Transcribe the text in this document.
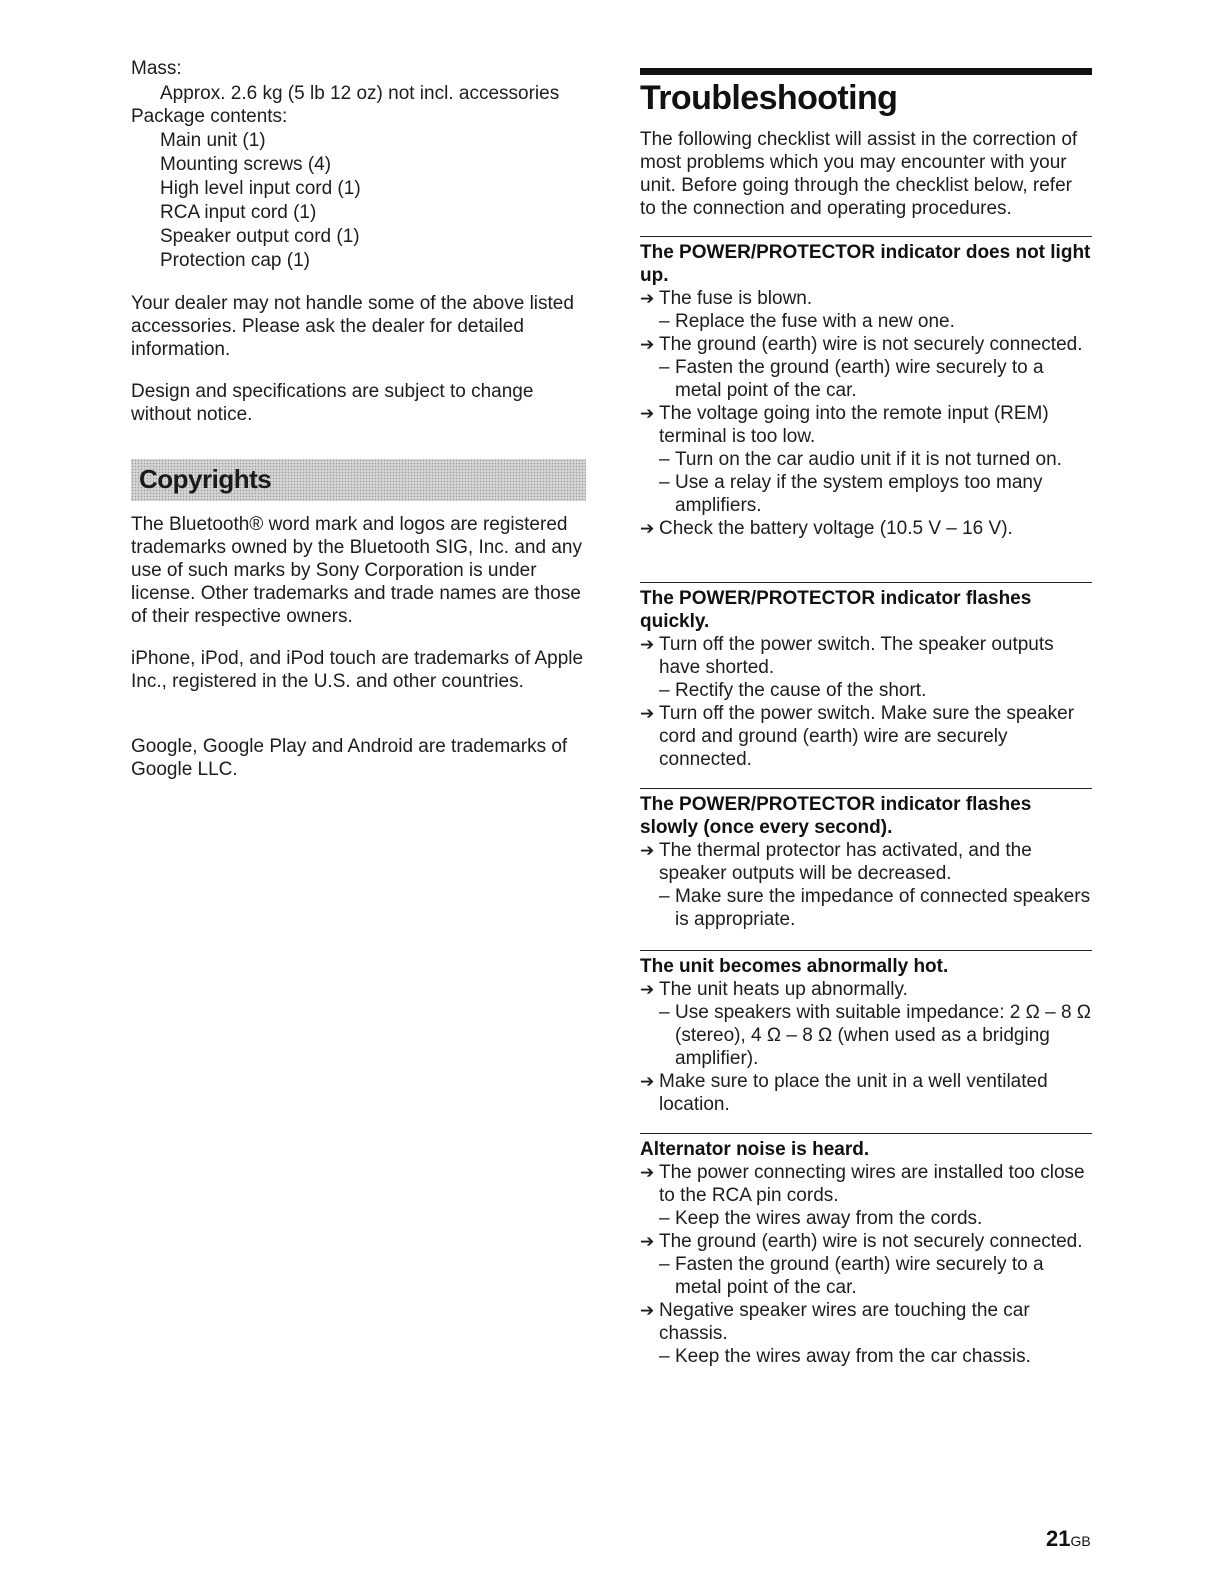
Mass:
Approx. 2.6 kg (5 lb 12 oz) not incl. accessories
Package contents:
Main unit (1)
Mounting screws (4)
High level input cord (1)
RCA input cord (1)
Speaker output cord (1)
Protection cap (1)

Your dealer may not handle some of the above listed accessories. Please ask the dealer for detailed information.

Design and specifications are subject to change without notice.

Copyrights

The Bluetooth® word mark and logos are registered trademarks owned by the Bluetooth SIG, Inc. and any use of such marks by Sony Corporation is under license. Other trademarks and trade names are those of their respective owners.

iPhone, iPod, and iPod touch are trademarks of Apple Inc., registered in the U.S. and other countries.

Google, Google Play and Android are trademarks of Google LLC.

Troubleshooting

The following checklist will assist in the correction of most problems which you may encounter with your unit. Before going through the checklist below, refer to the connection and operating procedures.

The POWER/PROTECTOR indicator does not light up.

➔ The fuse is blown.
– Replace the fuse with a new one.
➔ The ground (earth) wire is not securely connected.
– Fasten the ground (earth) wire securely to a metal point of the car.
➔ The voltage going into the remote input (REM) terminal is too low.
– Turn on the car audio unit if it is not turned on.
– Use a relay if the system employs too many amplifiers.
➔ Check the battery voltage (10.5 V – 16 V).

The POWER/PROTECTOR indicator flashes quickly.

➔ Turn off the power switch. The speaker outputs have shorted.
– Rectify the cause of the short.
➔ Turn off the power switch. Make sure the speaker cord and ground (earth) wire are securely connected.

The POWER/PROTECTOR indicator flashes slowly (once every second).

➔ The thermal protector has activated, and the speaker outputs will be decreased.
– Make sure the impedance of connected speakers is appropriate.

The unit becomes abnormally hot.

➔ The unit heats up abnormally.
– Use speakers with suitable impedance: 2 Ω – 8 Ω (stereo), 4 Ω – 8 Ω (when used as a bridging amplifier).
➔ Make sure to place the unit in a well ventilated location.

Alternator noise is heard.

➔ The power connecting wires are installed too close to the RCA pin cords.
– Keep the wires away from the cords.
➔ The ground (earth) wire is not securely connected.
– Fasten the ground (earth) wire securely to a metal point of the car.
➔ Negative speaker wires are touching the car chassis.
– Keep the wires away from the car chassis.
21GB
